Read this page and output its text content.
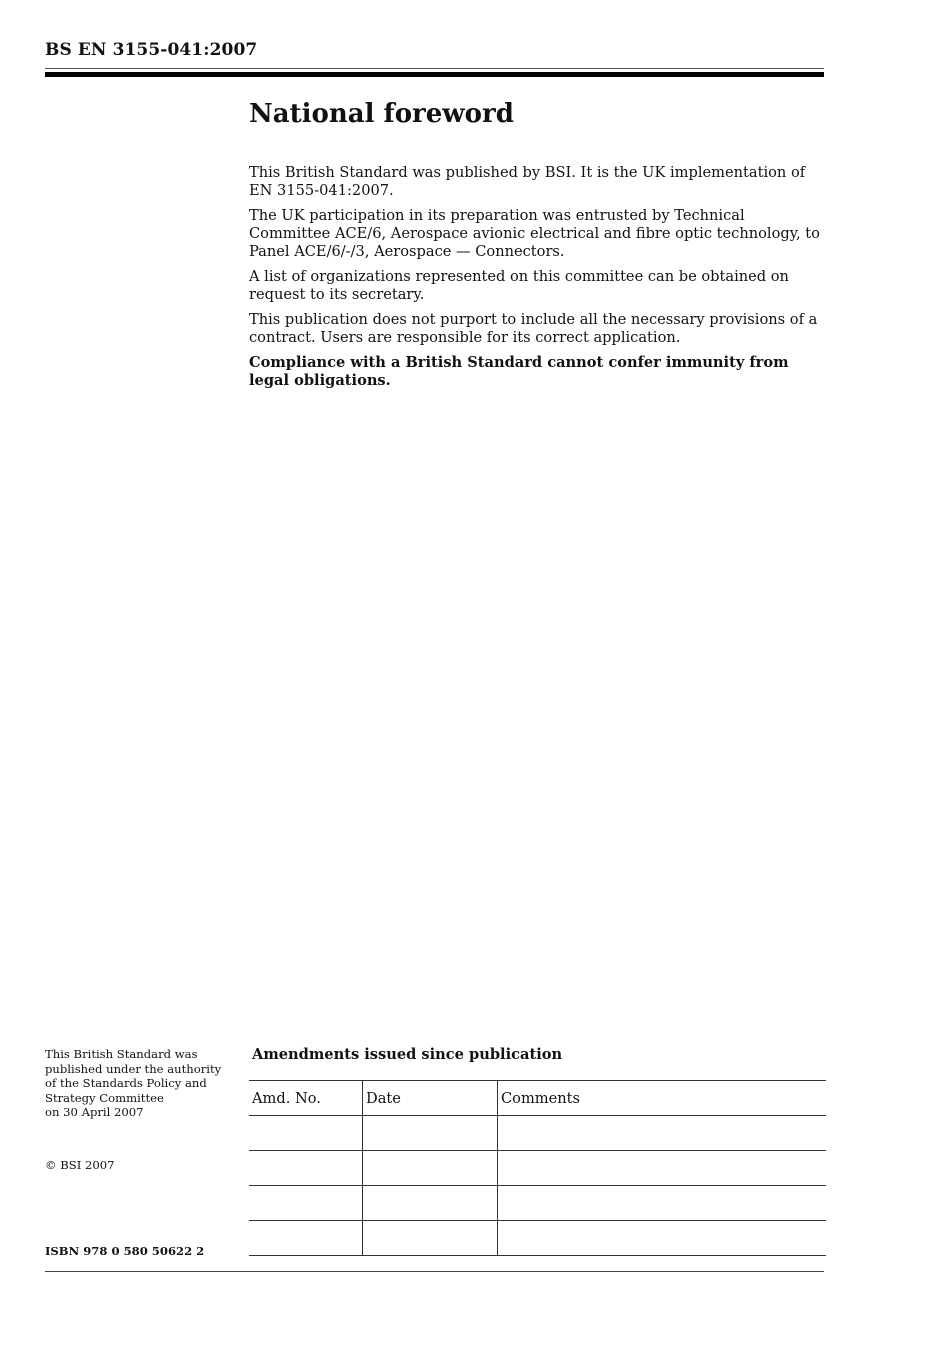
BS EN 3155-041:2007
National foreword

This British Standard was published by BSI. It is the UK implementation of EN 3155-041:2007.

The UK participation in its preparation was entrusted by Technical Committee ACE/6, Aerospace avionic electrical and fibre optic technology, to Panel ACE/6/-/3, Aerospace — Connectors.

A list of organizations represented on this committee can be obtained on request to its secretary.

This publication does not purport to include all the necessary provisions of a contract. Users are responsible for its correct application.

Compliance with a British Standard cannot confer immunity from legal obligations.

This British Standard was
published under the authority
of the Standards Policy and
Strategy Committee
on 30 April 2007
© BSI 2007
ISBN 978 0 580 50622 2
Amendments issued since publication
Amd. No.	Date	Comments
